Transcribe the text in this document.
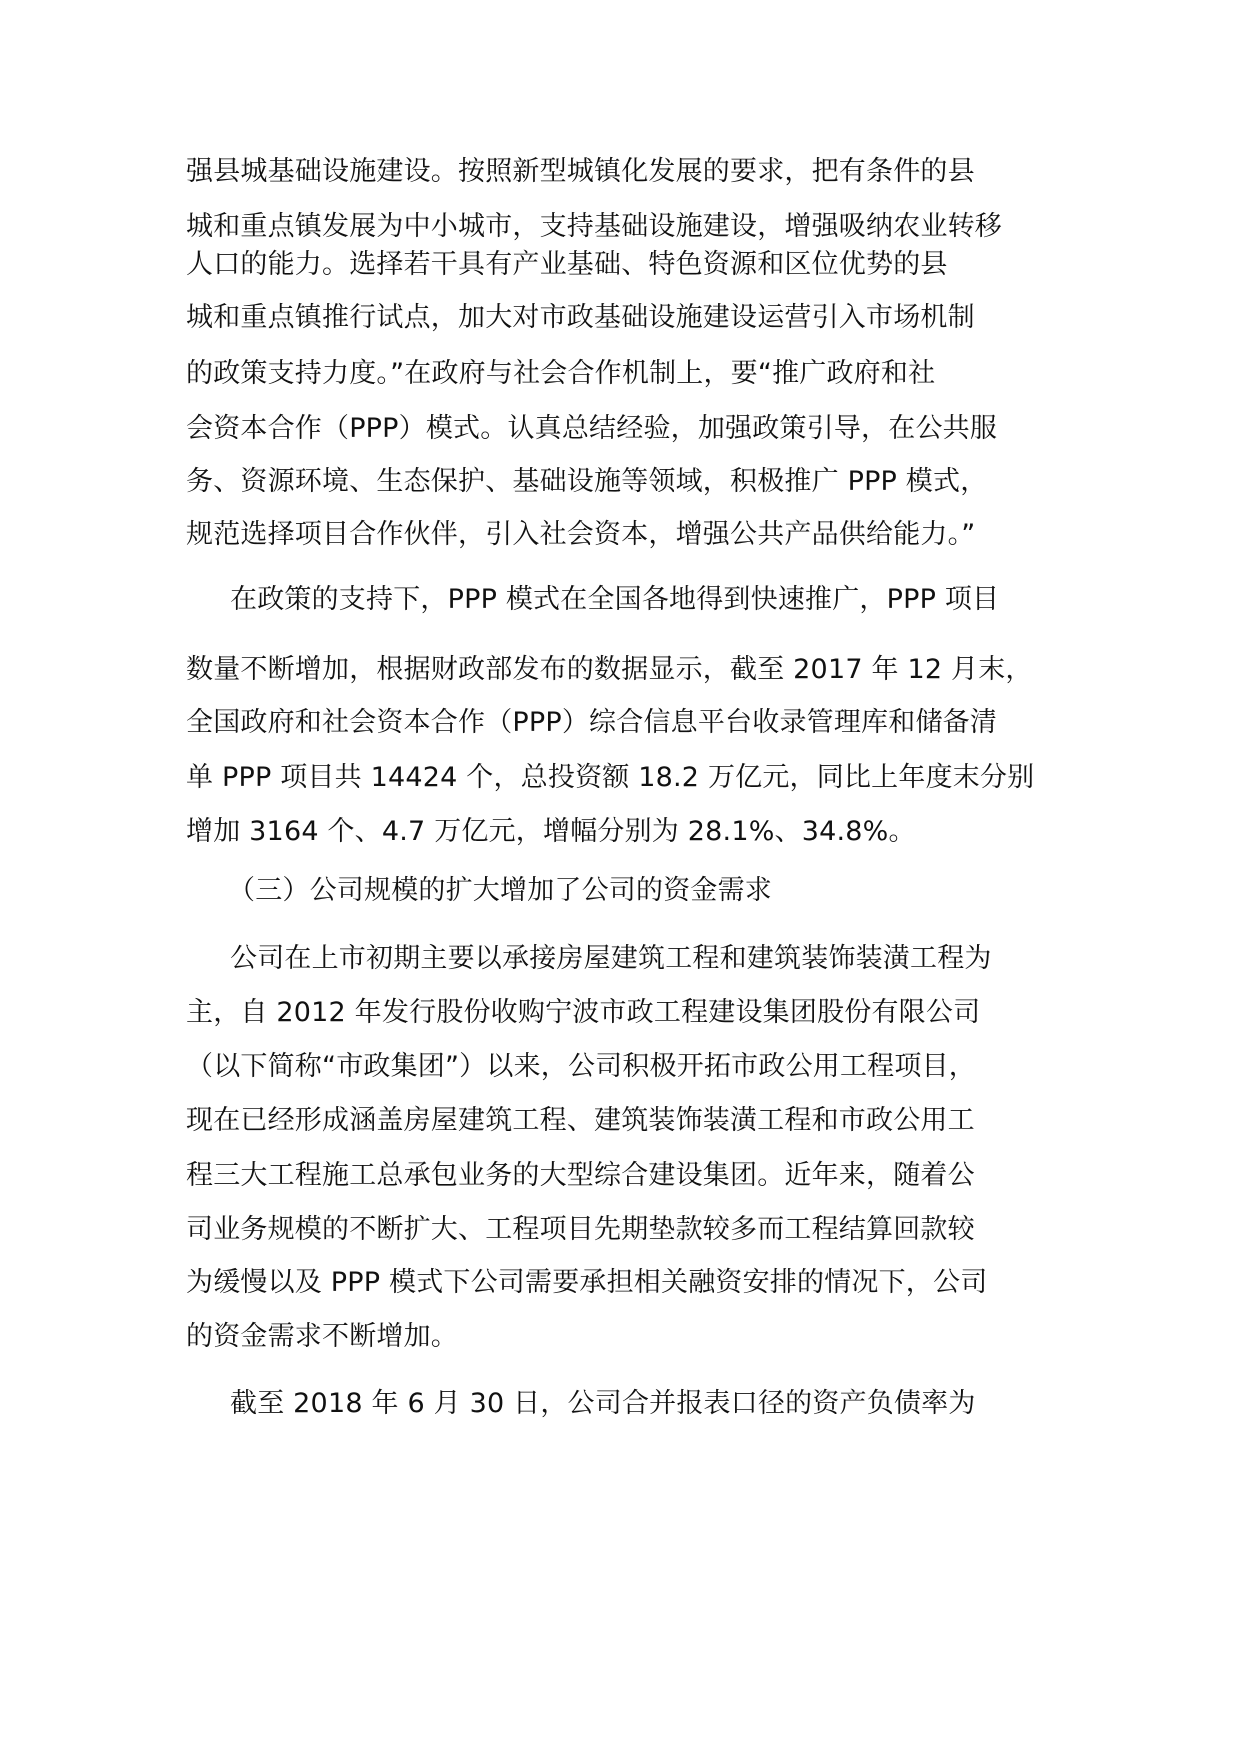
强县城基础设施建设。按照新型城镇化发展的要求，把有条件的县
城和重点镇发展为中小城市，支持基础设施建设，增强吸纳农业转移
人口的能力。选择若干具有产业基础、特色资源和区位优势的县
城和重点镇推行试点，加大对市政基础设施建设运营引入市场机制
的政策支持力度。”在政府与社会合作机制上，要“推广政府和社
会资本合作（PPP）模式。认真总结经验，加强政策引导，在公共服
务、资源环境、生态保护、基础设施等领域，积极推广 PPP 模式，
规范选择项目合作伙伴，引入社会资本，增强公共产品供给能力。”
在政策的支持下，PPP 模式在全国各地得到快速推广，PPP 项目
数量不断增加，根据财政部发布的数据显示，截至 2017 年 12 月末，
全国政府和社会资本合作（PPP）综合信息平台收录管理库和储备清
单 PPP 项目共 14424 个，总投资额 18.2 万亿元，同比上年度末分别
增加 3164 个、4.7 万亿元，增幅分别为 28.1%、34.8%。
（三）公司规模的扩大增加了公司的资金需求
公司在上市初期主要以承接房屋建筑工程和建筑装饰装潢工程为
主，自 2012 年发行股份收购宁波市政工程建设集团股份有限公司
（以下简称“市政集团”）以来，公司积极开拓市政公用工程项目，
现在已经形成涵盖房屋建筑工程、建筑装饰装潢工程和市政公用工
程三大工程施工总承包业务的大型综合建设集团。近年来，随着公
司业务规模的不断扩大、工程项目先期垫款较多而工程结算回款较
为缓慢以及 PPP 模式下公司需要承担相关融资安排的情况下，公司
的资金需求不断增加。
截至 2018 年 6 月 30 日，公司合并报表口径的资产负债率为
